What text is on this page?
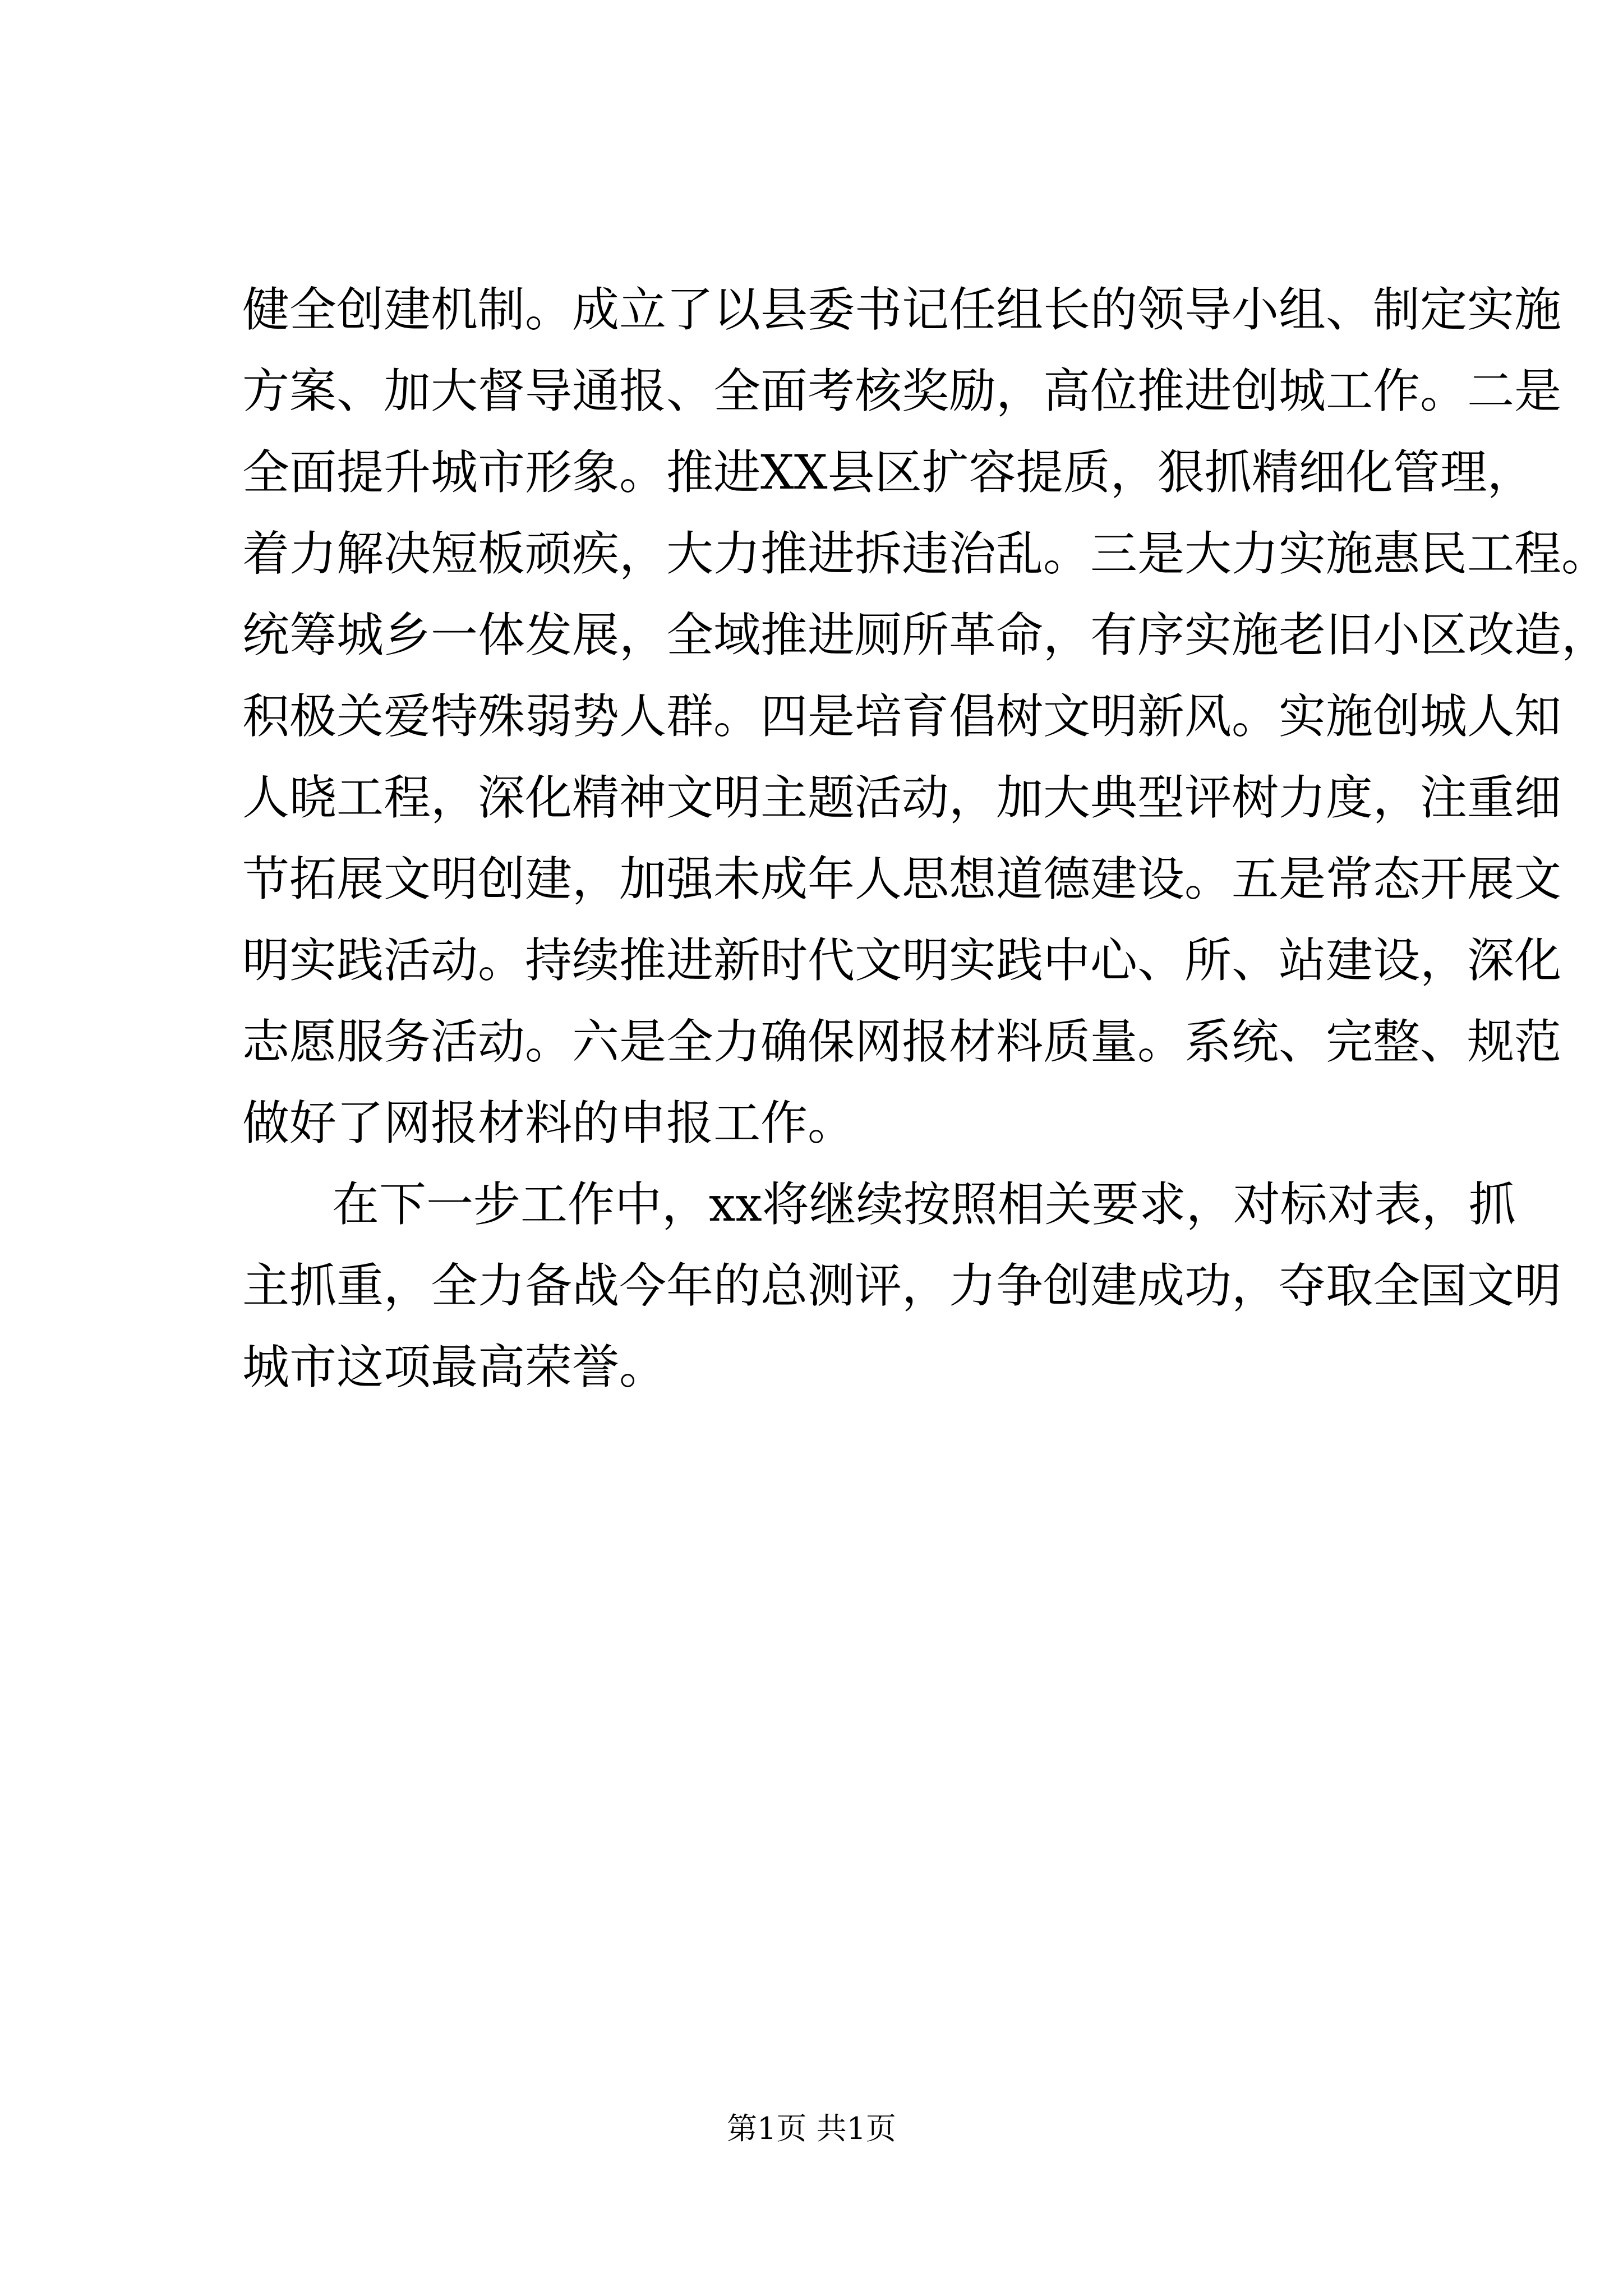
健全创建机制。成立了以县委书记任组长的领导小组、制定实施
方案、加大督导通报、全面考核奖励，高位推进创城工作。二是
全面提升城市形象。推进XX县区扩容提质，狠抓精细化管理，
着力解决短板顽疾，大力推进拆违治乱。三是大力实施惠民工程。
统筹城乡一体发展，全域推进厕所革命，有序实施老旧小区改造，
积极关爱特殊弱势人群。四是培育倡树文明新风。实施创城人知
人晓工程，深化精神文明主题活动，加大典型评树力度，注重细
节拓展文明创建，加强未成年人思想道德建设。五是常态开展文
明实践活动。持续推进新时代文明实践中心、所、站建设，深化
志愿服务活动。六是全力确保网报材料质量。系统、完整、规范
做好了网报材料的申报工作。
在下一步工作中，xx将继续按照相关要求，对标对表，抓
主抓重，全力备战今年的总测评，力争创建成功，夺取全国文明
城市这项最高荣誉。
第1页 共1页
